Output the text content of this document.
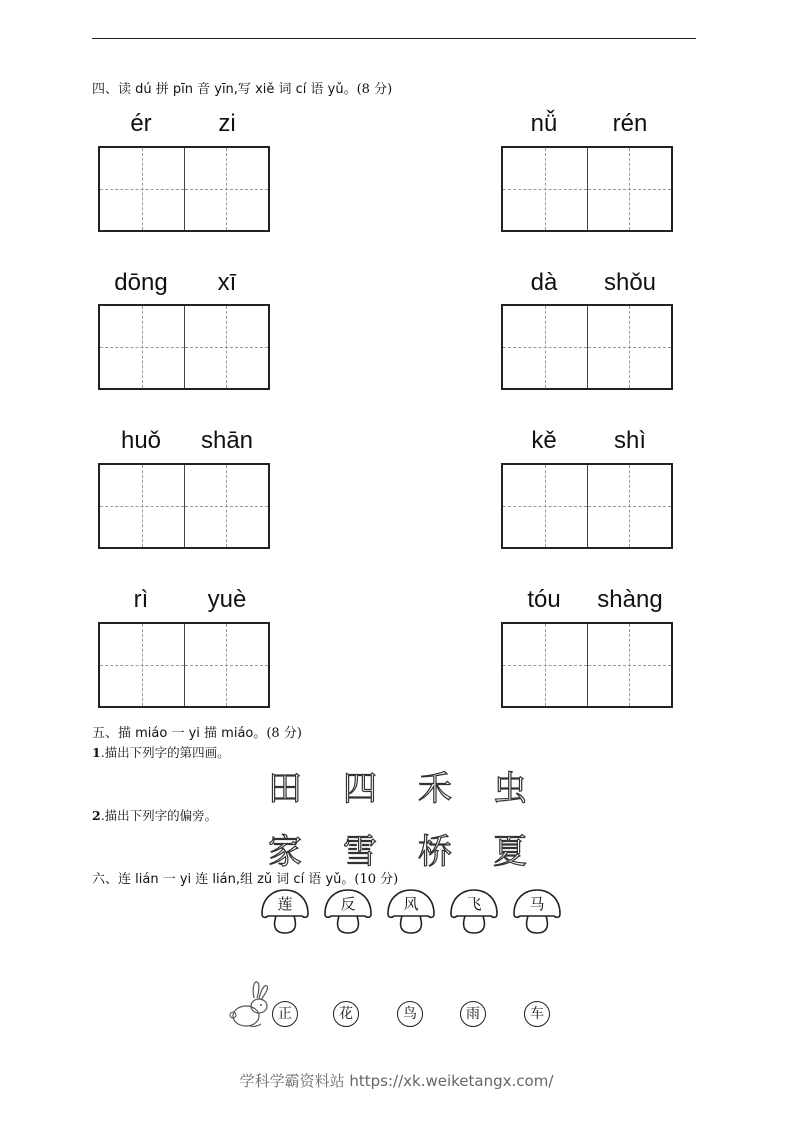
四、读 dú 拼 pīn 音 yīn,写 xiě 词 cí 语 yǔ。(8 分)
ér	zi
dōng	xī
huǒ	shān
rì	yuè
nǚ	rén
dà	shǒu
kě	shì
tóu	shàng
五、描 miáo 一 yi 描 miáo。(8 分)
1.描出下列字的第四画。
田	四	禾	虫
2.描出下列字的偏旁。
家	雪	桥	夏
六、连 lián 一 yi 连 lián,组 zǔ 词 cí 语 yǔ。(10 分)
莲	反	风	飞	马
正	花	鸟	雨	车
学科学霸资料站 https://xk.weiketangx.com/
